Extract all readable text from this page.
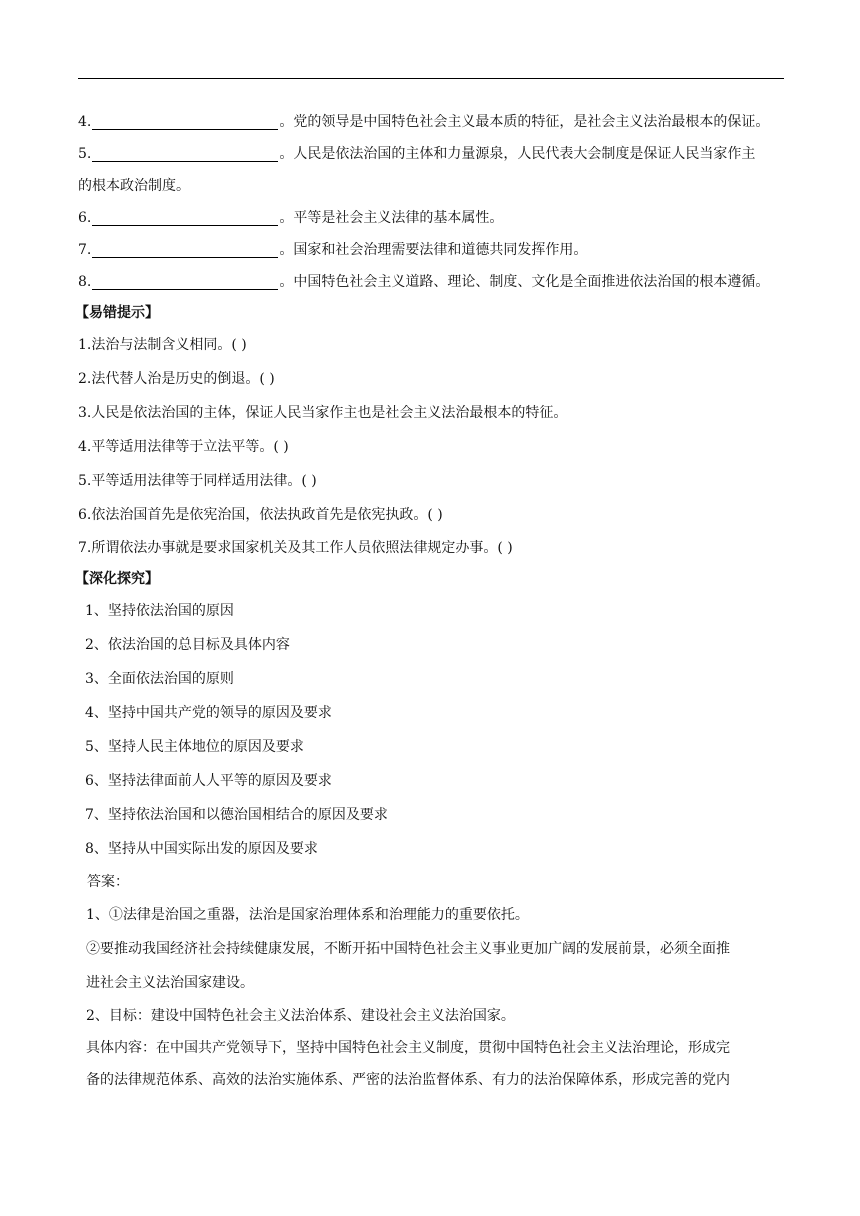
4.	。党的领导是中国特色社会主义最本质的特征，是社会主义法治最根本的保证。
5.	。人民是依法治国的主体和力量源泉，人民代表大会制度是保证人民当家作主
的根本政治制度。
6.	。平等是社会主义法律的基本属性。
7.	。国家和社会治理需要法律和道德共同发挥作用。
8.	。中国特色社会主义道路、理论、制度、文化是全面推进依法治国的根本遵循。
【易错提示】
1.法治与法制含义相同。( )
2.法代替人治是历史的倒退。( )
3.人民是依法治国的主体，保证人民当家作主也是社会主义法治最根本的特征。
4.平等适用法律等于立法平等。( )
5.平等适用法律等于同样适用法律。( )
6.依法治国首先是依宪治国，依法执政首先是依宪执政。( )
7.所谓依法办事就是要求国家机关及其工作人员依照法律规定办事。( )
【深化探究】
1、坚持依法治国的原因
2、依法治国的总目标及具体内容
3、全面依法治国的原则
4、坚持中国共产党的领导的原因及要求
5、坚持人民主体地位的原因及要求
6、坚持法律面前人人平等的原因及要求
7、坚持依法治国和以德治国相结合的原因及要求
8、坚持从中国实际出发的原因及要求
答案：
1、①法律是治国之重器，法治是国家治理体系和治理能力的重要依托。
②要推动我国经济社会持续健康发展，不断开拓中国特色社会主义事业更加广阔的发展前景，必须全面推
进社会主义法治国家建设。
2、目标：建设中国特色社会主义法治体系、建设社会主义法治国家。
具体内容：在中国共产党领导下，坚持中国特色社会主义制度，贯彻中国特色社会主义法治理论，形成完
备的法律规范体系、高效的法治实施体系、严密的法治监督体系、有力的法治保障体系，形成完善的党内
